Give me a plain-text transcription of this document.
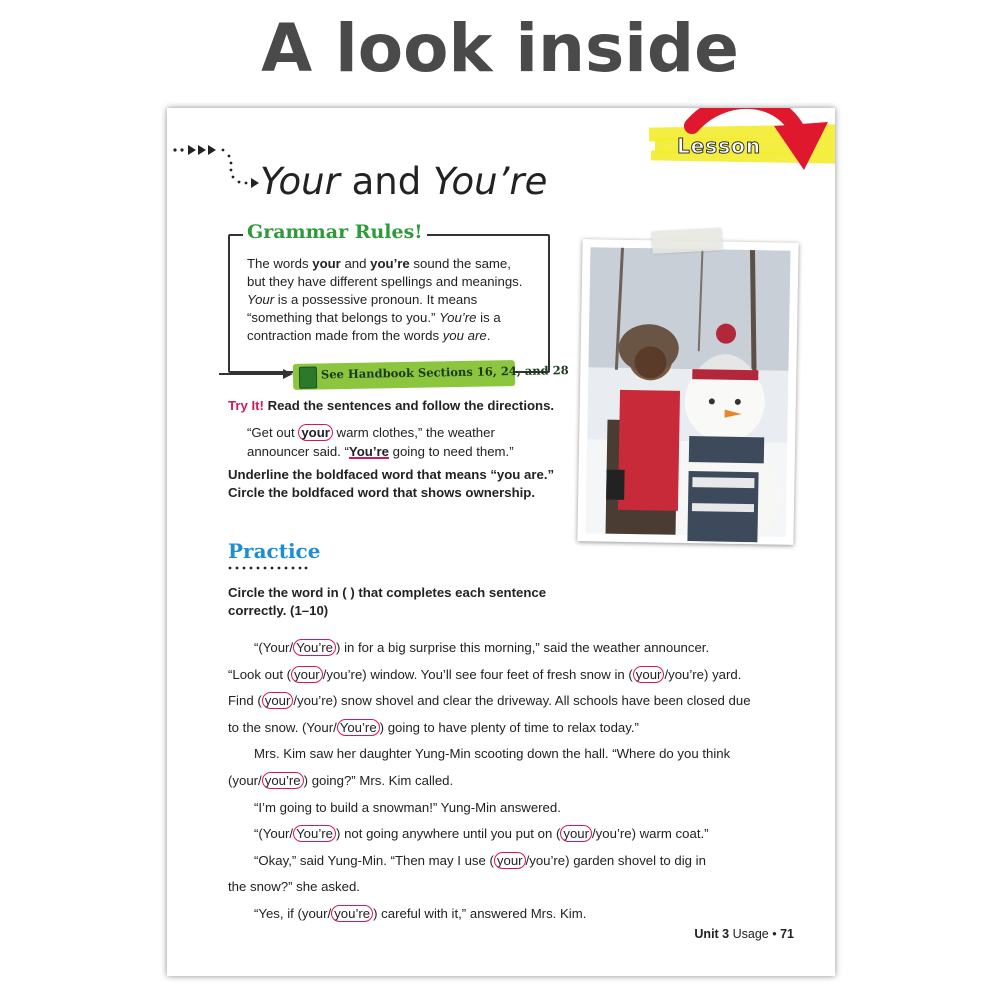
A look inside
Lesson
Your and You’re
Grammar Rules!
The words your and you’re sound the same,
but they have different spellings and meanings.
Your is a possessive pronoun. It means
“something that belongs to you.” You’re is a
contraction made from the words you are.
See Handbook Sections 16, 24, and 28
Try It! Read the sentences and follow the directions.
“Get out your warm clothes,” the weather
announcer said. “You’re going to need them.”
Underline the boldfaced word that means “you are.”
Circle the boldfaced word that shows ownership.
Practice
Circle the word in ( ) that completes each sentence
correctly. (1–10)
“(Your/ You’re ) in for a big surprise this morning,” said the weather announcer.
“Look out ( your /you’re) window. You’ll see four feet of fresh snow in ( your /you’re) yard.
Find ( your /you’re) snow shovel and clear the driveway. All schools have been closed due
to the snow. (Your/ You’re ) going to have plenty of time to relax today.”
Mrs. Kim saw her daughter Yung-Min scooting down the hall. “Where do you think
(your/ you’re ) going?” Mrs. Kim called.
“I’m going to build a snowman!” Yung-Min answered.
“(Your/ You’re ) not going anywhere until you put on ( your /you’re) warm coat.”
“Okay,” said Yung-Min. “Then may I use ( your /you’re) garden shovel to dig in
the snow?” she asked.
“Yes, if (your/ you’re ) careful with it,” answered Mrs. Kim.
Unit 3 Usage • 71
